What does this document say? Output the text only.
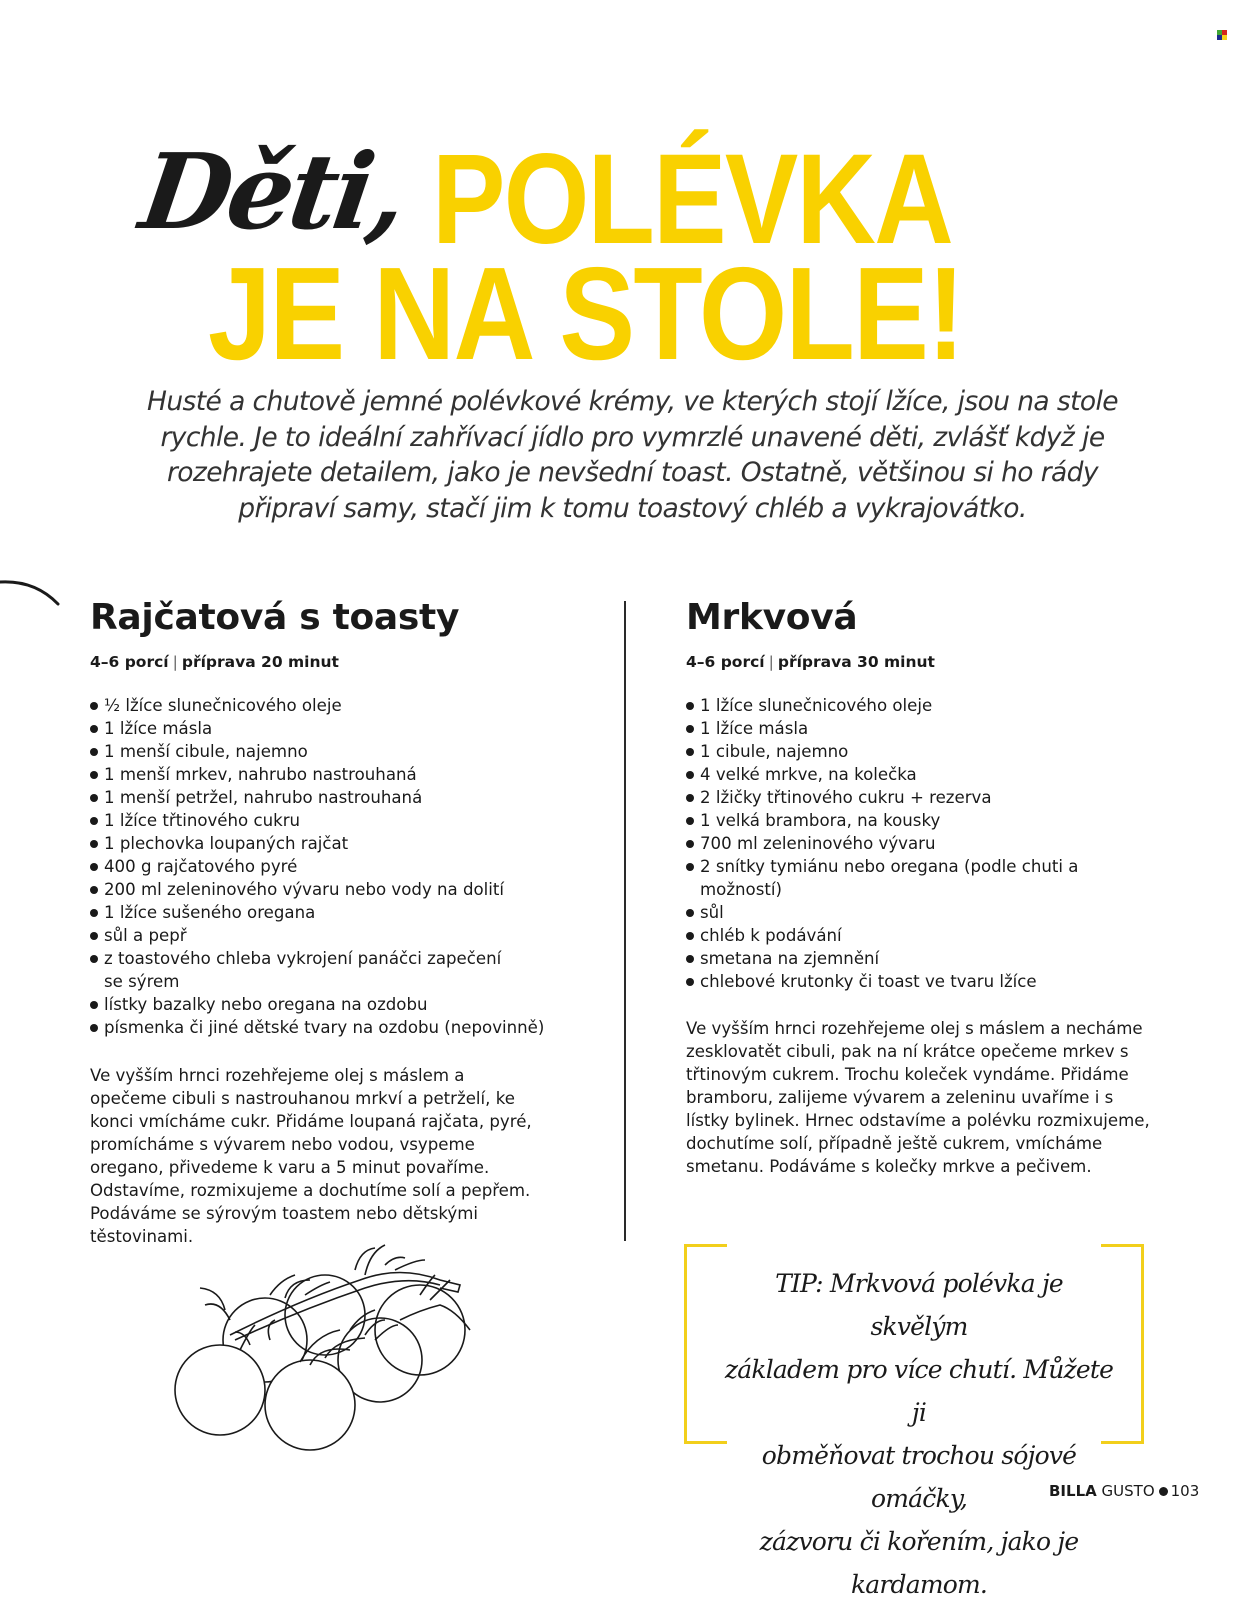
Děti, POLÉVKA
JE NA STOLE!

Husté a chutově jemné polévkové krémy, ve kterých stojí lžíce, jsou na stole rychle. Je to ideální zahřívací jídlo pro vymrzlé unavené děti, zvlášť když je rozehrajete detailem, jako je nevšední toast. Ostatně, většinou si ho rády připraví samy, stačí jim k tomu toastový chléb a vykrajovátko.

Rajčatová s toasty
4–6 porcí | příprava 20 minut
½ lžíce slunečnicového oleje
1 lžíce másla
1 menší cibule, najemno
1 menší mrkev, nahrubo nastrouhaná
1 menší petržel, nahrubo nastrouhaná
1 lžíce třtinového cukru
1 plechovka loupaných rajčat
400 g rajčatového pyré
200 ml zeleninového vývaru nebo vody na dolití
1 lžíce sušeného oregana
sůl a pepř
z toastového chleba vykrojení panáčci zapečení se sýrem
lístky bazalky nebo oregana na ozdobu
písmenka či jiné dětské tvary na ozdobu (nepovinně)

Ve vyšším hrnci rozehřejeme olej s máslem a opečeme cibuli s nastrouhanou mrkví a petrželí, ke konci vmícháme cukr. Přidáme loupaná rajčata, pyré, promícháme s vývarem nebo vodou, vsypeme oregano, přivedeme k varu a 5 minut povaříme. Odstavíme, rozmixujeme a dochutíme solí a pepřem. Podáváme se sýrovým toastem nebo dětskými těstovinami.

Mrkvová
4–6 porcí | příprava 30 minut
1 lžíce slunečnicového oleje
1 lžíce másla
1 cibule, najemno
4 velké mrkve, na kolečka
2 lžičky třtinového cukru + rezerva
1 velká brambora, na kousky
700 ml zeleninového vývaru
2 snítky tymiánu nebo oregana (podle chuti a možností)
sůl
chléb k podávání
smetana na zjemnění
chlebové krutonky či toast ve tvaru lžíce

Ve vyšším hrnci rozehřejeme olej s máslem a necháme zesklovatět cibuli, pak na ní krátce opečeme mrkev s třtinovým cukrem. Trochu koleček vyndáme. Přidáme bramboru, zalijeme vývarem a zeleninu uvaříme i s lístky bylinek. Hrnec odstavíme a polévku rozmixujeme, dochutíme solí, případně ještě cukrem, vmícháme smetanu. Podáváme s kolečky mrkve a pečivem.

TIP: Mrkvová polévka je skvělým
základem pro více chutí. Můžete ji
obměňovat trochou sójové omáčky,
zázvoru či kořením, jako je kardamom.
BILLA GUSTO 103
